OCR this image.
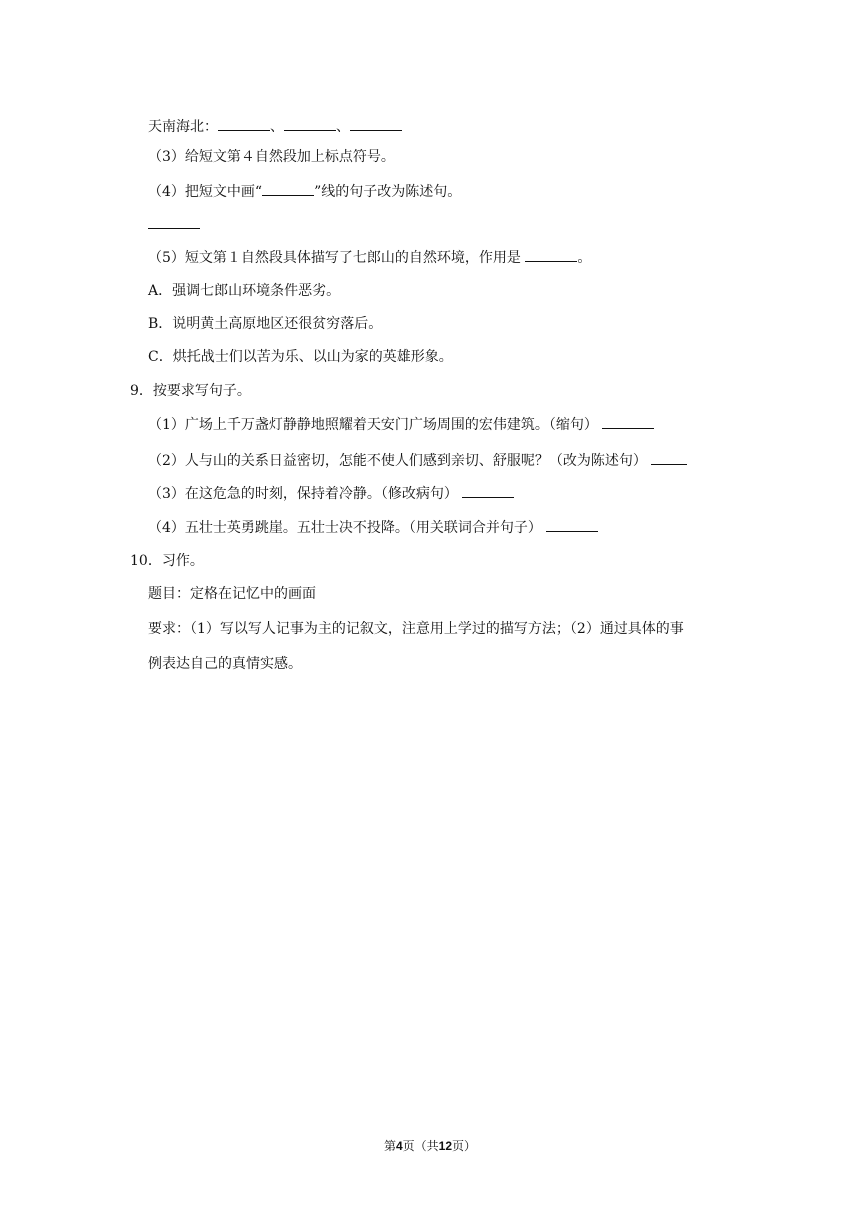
天南海北：	、	、
（3）给短文第４自然段加上标点符号。
（4）把短文中画“	”线的句子改为陈述句。
（5）短文第１自然段具体描写了七郎山的自然环境，作用是	。
A．强调七郎山环境条件恶劣。
B．说明黄土高原地区还很贫穷落后。
C．烘托战士们以苦为乐、以山为家的英雄形象。
9．按要求写句子。
（1）广场上千万盏灯静静地照耀着天安门广场周围的宏伟建筑。（缩句）
（2）人与山的关系日益密切，怎能不使人们感到亲切、舒服呢？（改为陈述句）
（3）在这危急的时刻，保持着冷静。（修改病句）
（4）五壮士英勇跳崖。五壮士决不投降。（用关联词合并句子）
10．习作。
题目：定格在记忆中的画面
要求：（1）写以写人记事为主的记叙文，注意用上学过的描写方法；（2）通过具体的事
例表达自己的真情实感。
第4页（共12页）
